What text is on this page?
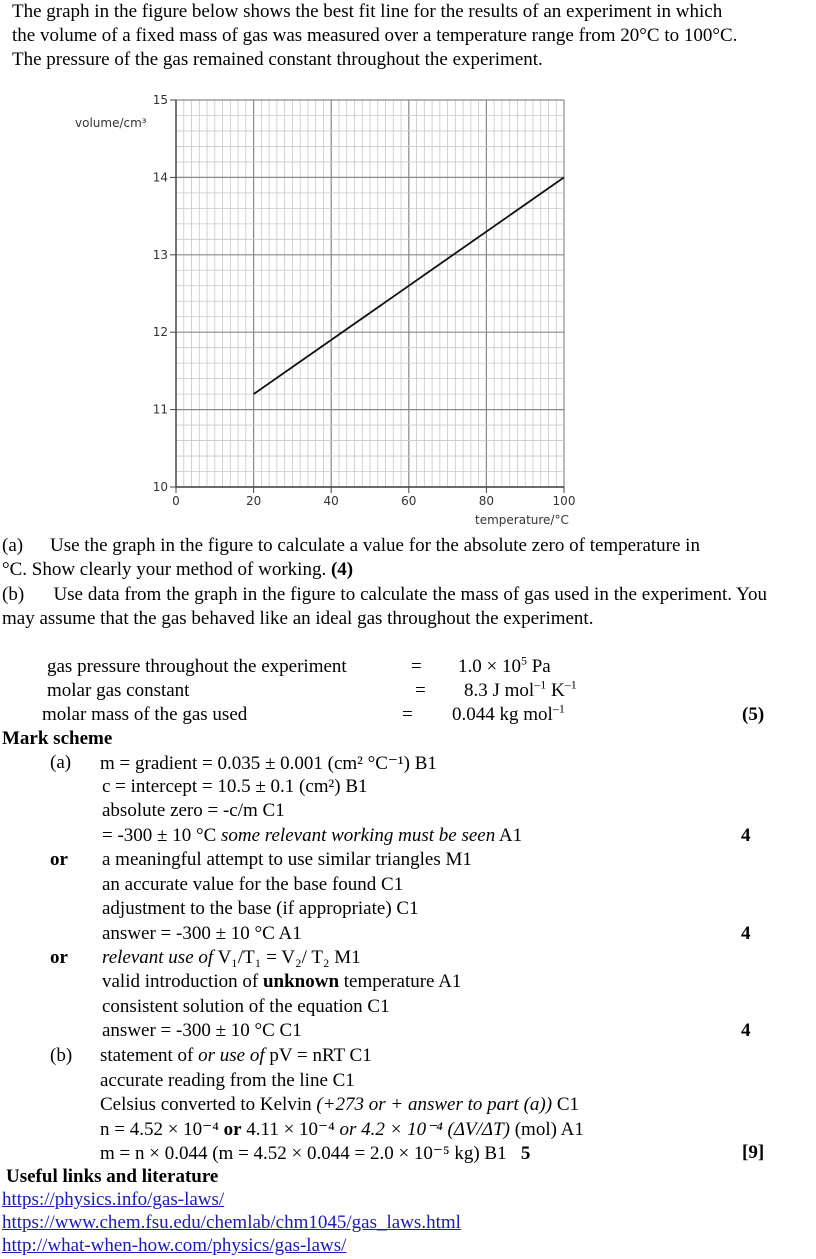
The graph in the figure below shows the best fit line for the results of an experiment in which
the volume of a fixed mass of gas was measured over a temperature range from 20°C to 100°C.
The pressure of the gas remained constant throughout the experiment.
0	20	40	60	80	100
10
11
12
13
14
15
volume/cm³
temperature/°C
(a) Use the graph in the figure to calculate a value for the absolute zero of temperature in
°C. Show clearly your method of working. (4)
(b) Use data from the graph in the figure to calculate the mass of gas used in the experiment. You may assume that the gas behaved like an ideal gas throughout the experiment.
gas pressure throughout the experiment	= $1.0 \times 10^5$ Pa
molar gas constant	= 8.3 J mol$^{-1}$ $K^{-1}$
molar mass of the gas used	= 0.044 kg mol$^{-1}$	(5)
Mark scheme
(a) m = gradient = 0.035 ± 0.001 (cm² °C⁻¹) B1
c = intercept = 10.5 ± 0.1 (cm²) B1
absolute zero = -c/m C1
= -300 ± 10 °C some relevant working must be seen A1	4
or a meaningful attempt to use similar triangles M1
an accurate value for the base found C1
adjustment to the base (if appropriate) C1
answer = -300 ± 10 °C A1	4
or relevant use of V₁/T₁ = V₂/ T₂ M1
valid introduction of unknown temperature A1
consistent solution of the equation C1
answer = -300 ± 10 °C C1	4
(b) statement of or use of pV = nRT C1
accurate reading from the line C1
Celsius converted to Kelvin (+273 or + answer to part (a)) C1
n = 4.52 × 10⁻⁴ or 4.11 × 10⁻⁴ or 4.2 × 10⁻⁴ (ΔV/ΔT) (mol) A1
m = n × 0.044 (m = 4.52 × 0.044 = 2.0 × 10⁻⁵ kg) B1 5	[9]
Useful links and literature
https://physics.info/gas-laws/
https://www.chem.fsu.edu/chemlab/chm1045/gas_laws.html
http://what-when-how.com/physics/gas-laws/
